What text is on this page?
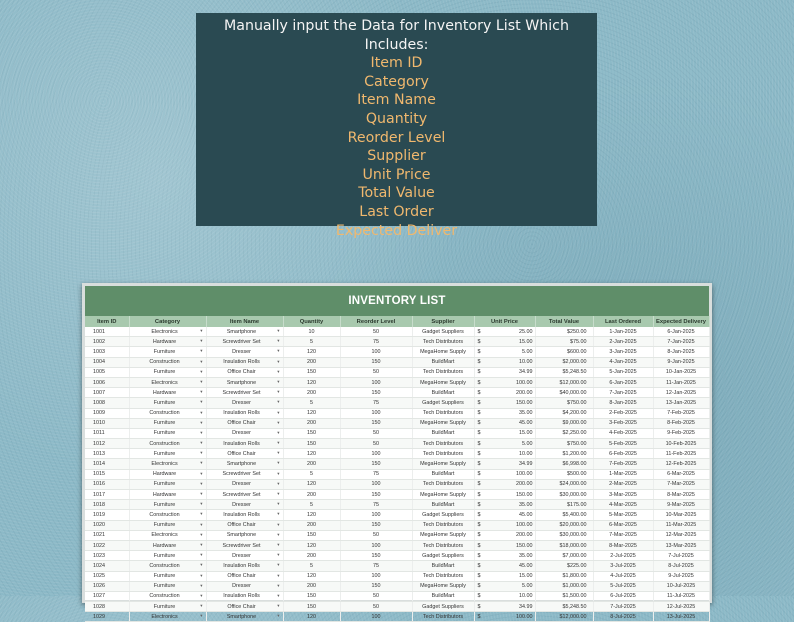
Manually input the Data for Inventory List Which Includes:
Item ID
Category
Item Name
Quantity
Reorder Level
Supplier
Unit Price
Total Value
Last Order
Expected Deliver
INVENTORY LIST
Item ID	Category	Item Name	Quantity	Reorder Level	Supplier	Unit Price	Total Value	Last Ordered	Expected Delivery
1001	Electronics ▾	Smartphone ▾	10	50	Gadget Suppliers	$ 25.00	$250.00	1-Jan-2025	6-Jan-2025
1002	Hardware ▾	Screwdriver Set ▾	5	75	Tech Distributors	$ 15.00	$75.00	2-Jan-2025	7-Jan-2025
1003	Furniture ▾	Dresser ▾	120	100	MegaHome Supply	$ 5.00	$600.00	3-Jan-2025	8-Jan-2025
1004	Construction ▾	Insulation Rolls ▾	200	150	BuildMart	$ 10.00	$2,000.00	4-Jan-2025	9-Jan-2025
1005	Furniture ▾	Office Chair ▾	150	50	Tech Distributors	$ 34.99	$5,248.50	5-Jan-2025	10-Jan-2025
1006	Electronics ▾	Smartphone ▾	120	100	MegaHome Supply	$ 100.00	$12,000.00	6-Jan-2025	11-Jan-2025
1007	Hardware ▾	Screwdriver Set ▾	200	150	BuildMart	$ 200.00	$40,000.00	7-Jan-2025	12-Jan-2025
1008	Furniture ▾	Dresser ▾	5	75	Gadget Suppliers	$ 150.00	$750.00	8-Jan-2025	13-Jan-2025
1009	Construction ▾	Insulation Rolls ▾	120	100	Tech Distributors	$ 35.00	$4,200.00	2-Feb-2025	7-Feb-2025
1010	Furniture ▾	Office Chair ▾	200	150	MegaHome Supply	$ 45.00	$9,000.00	3-Feb-2025	8-Feb-2025
1011	Furniture ▾	Dresser ▾	150	50	BuildMart	$ 15.00	$2,250.00	4-Feb-2025	9-Feb-2025
1012	Construction ▾	Insulation Rolls ▾	150	50	Tech Distributors	$ 5.00	$750.00	5-Feb-2025	10-Feb-2025
1013	Furniture ▾	Office Chair ▾	120	100	Tech Distributors	$ 10.00	$1,200.00	6-Feb-2025	11-Feb-2025
1014	Electronics ▾	Smartphone ▾	200	150	MegaHome Supply	$ 34.99	$6,998.00	7-Feb-2025	12-Feb-2025
1015	Hardware ▾	Screwdriver Set ▾	5	75	BuildMart	$ 100.00	$500.00	1-Mar-2025	6-Mar-2025
1016	Furniture ▾	Dresser ▾	120	100	Tech Distributors	$ 200.00	$24,000.00	2-Mar-2025	7-Mar-2025
1017	Hardware ▾	Screwdriver Set ▾	200	150	MegaHome Supply	$ 150.00	$30,000.00	3-Mar-2025	8-Mar-2025
1018	Furniture ▾	Dresser ▾	5	75	BuildMart	$ 35.00	$175.00	4-Mar-2025	9-Mar-2025
1019	Construction ▾	Insulation Rolls ▾	120	100	Gadget Suppliers	$ 45.00	$5,400.00	5-Mar-2025	10-Mar-2025
1020	Furniture ▾	Office Chair ▾	200	150	Tech Distributors	$ 100.00	$20,000.00	6-Mar-2025	11-Mar-2025
1021	Electronics ▾	Smartphone ▾	150	50	MegaHome Supply	$ 200.00	$30,000.00	7-Mar-2025	12-Mar-2025
1022	Hardware ▾	Screwdriver Set ▾	120	100	Tech Distributors	$ 150.00	$18,000.00	8-Mar-2025	13-Mar-2025
1023	Furniture ▾	Dresser ▾	200	150	Gadget Suppliers	$ 35.00	$7,000.00	2-Jul-2025	7-Jul-2025
1024	Construction ▾	Insulation Rolls ▾	5	75	BuildMart	$ 45.00	$225.00	3-Jul-2025	8-Jul-2025
1025	Furniture ▾	Office Chair ▾	120	100	Tech Distributors	$ 15.00	$1,800.00	4-Jul-2025	9-Jul-2025
1026	Furniture ▾	Dresser ▾	200	150	MegaHome Supply	$ 5.00	$1,000.00	5-Jul-2025	10-Jul-2025
1027	Construction ▾	Insulation Rolls ▾	150	50	BuildMart	$ 10.00	$1,500.00	6-Jul-2025	11-Jul-2025
1028	Furniture ▾	Office Chair ▾	150	50	Gadget Suppliers	$ 34.99	$5,248.50	7-Jul-2025	12-Jul-2025
1029	Electronics ▾	Smartphone ▾	120	100	Tech Distributors	$ 100.00	$12,000.00	8-Jul-2025	13-Jul-2025
